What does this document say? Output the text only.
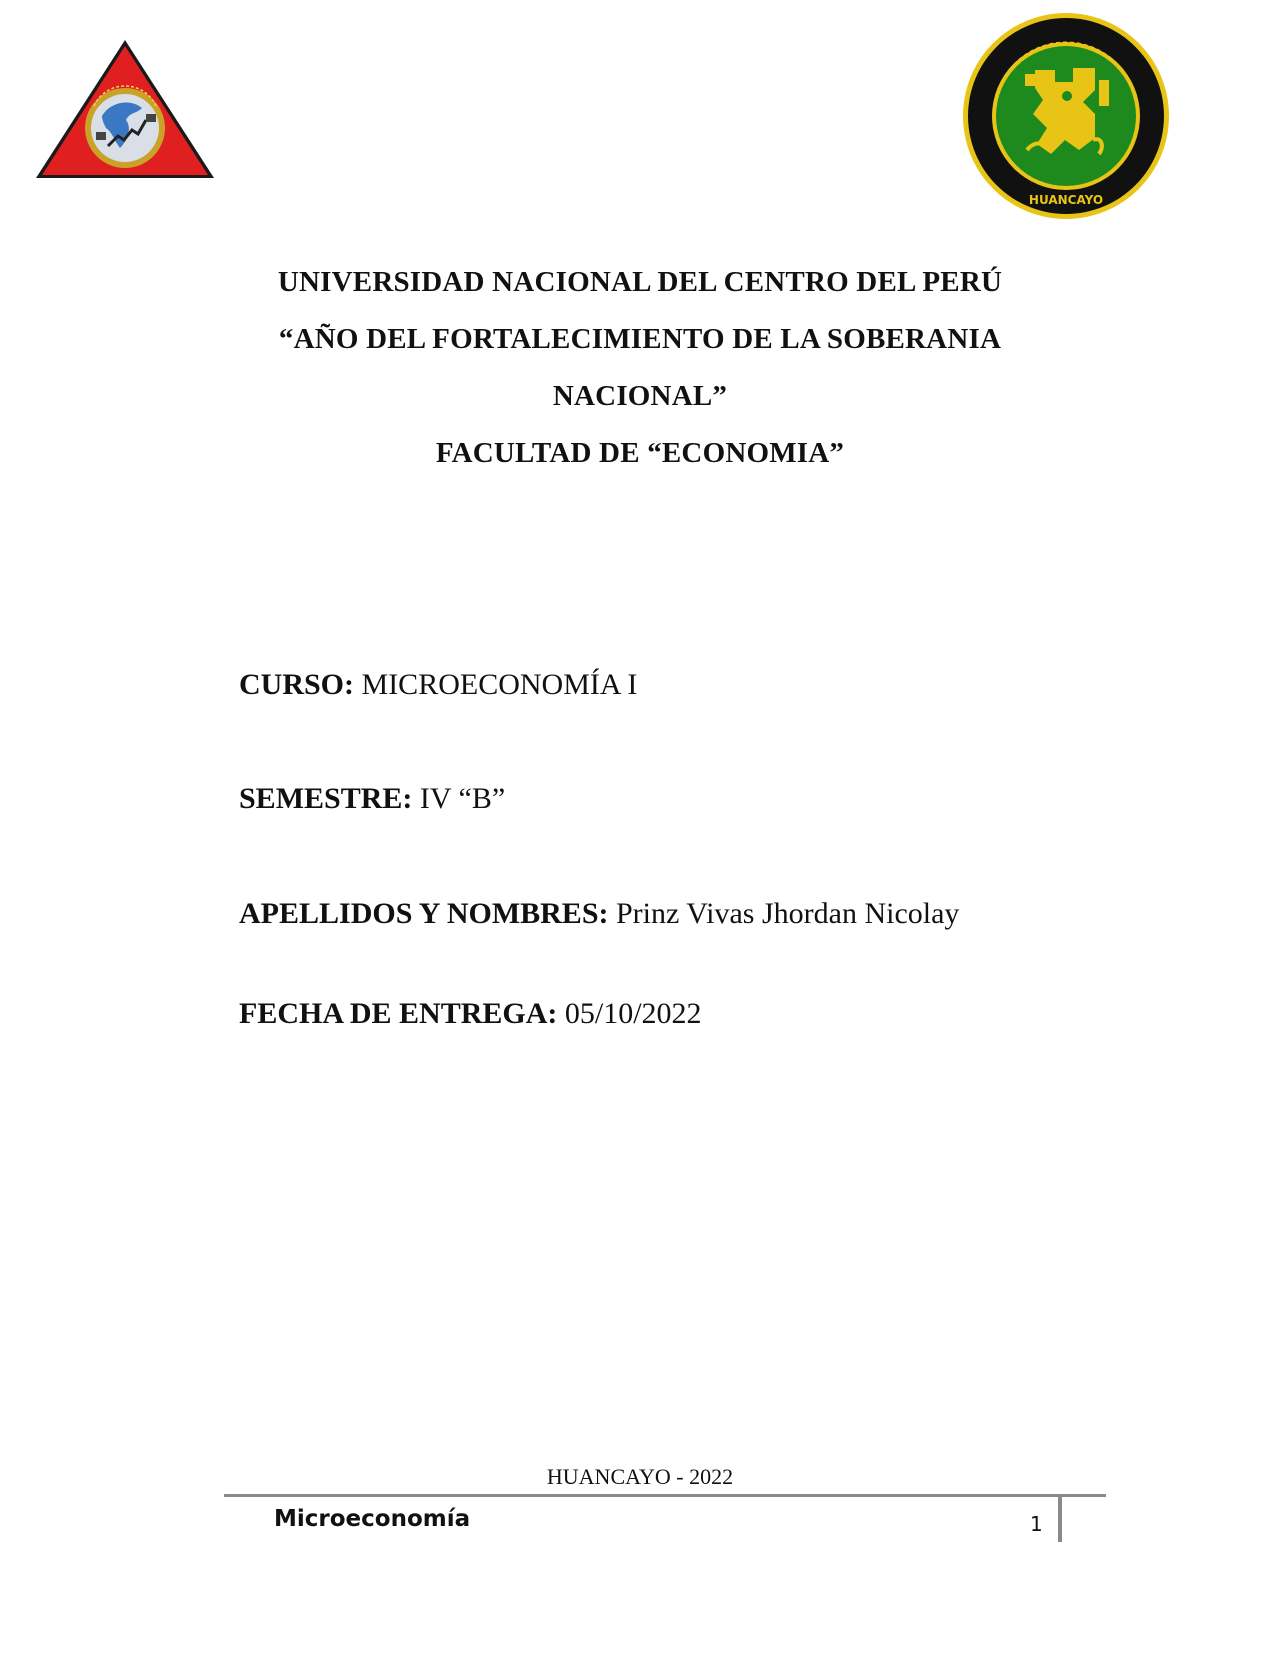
HUANCAYO
UNIVERSIDAD NACIONAL DEL CENTRO DEL PERÚ
“AÑO DEL FORTALECIMIENTO DE LA SOBERANIA
NACIONAL”
FACULTAD DE “ECONOMIA”
CURSO: MICROECONOMÍA I
SEMESTRE: IV “B”
APELLIDOS Y NOMBRES: Prinz Vivas Jhordan Nicolay
FECHA DE ENTREGA: 05/10/2022
HUANCAYO - 2022
Microeconomía	1
